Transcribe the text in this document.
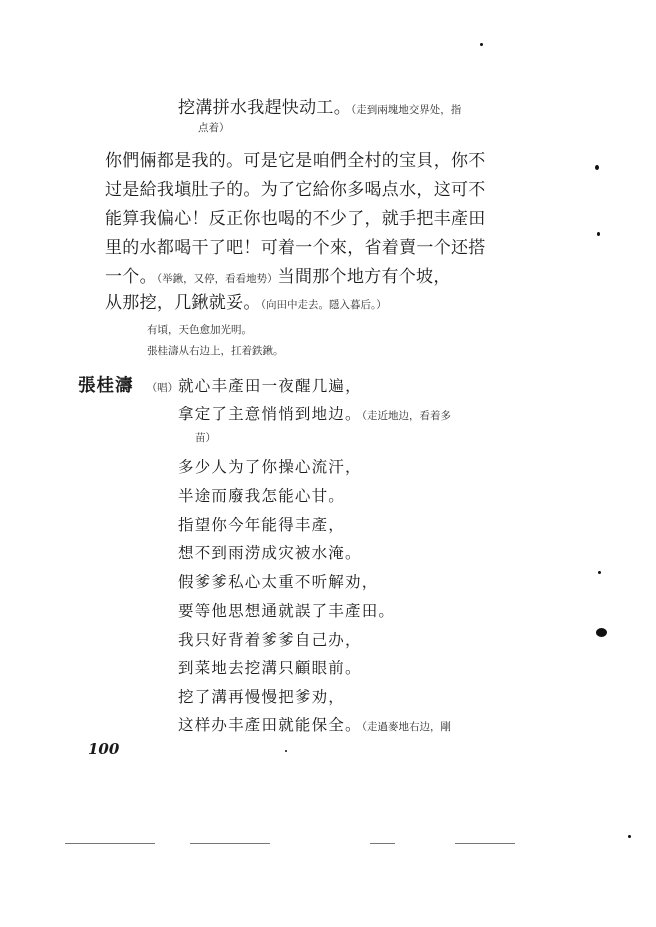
挖溝拼水我趕快动工。（走到兩塊地交界处，指
点着）
你們倆都是我的。可是它是咱們全村的宝貝，你不
过是給我塡肚子的。为了它給你多喝点水，这可不
能算我偏心！反正你也喝的不少了，就手把丰產田
里的水都喝干了吧！可着一个來，省着賣一个还搭
一个。（举鍬，又停，看看地势）当間那个地方有个坡，
从那挖，几鍬就妥。（向田中走去。隱入暮后。）
有頃，天色愈加光明。
張桂濤从右边上，扛着鉄鍬。
張桂濤 （唱）就心丰產田一夜醒几遍，
拿定了主意悄悄到地边。（走近地边，看着多
苗）
多少人为了你操心流汗，
半途而廢我怎能心甘。
指望你今年能得丰產，
想不到雨涝成灾被水淹。
假爹爹私心太重不听解劝，
要等他思想通就誤了丰產田。
我只好背着爹爹自己办，
到菜地去挖溝只顧眼前。
挖了溝再慢慢把爹劝，
这样办丰產田就能保全。（走過麥地右边，剛
100
